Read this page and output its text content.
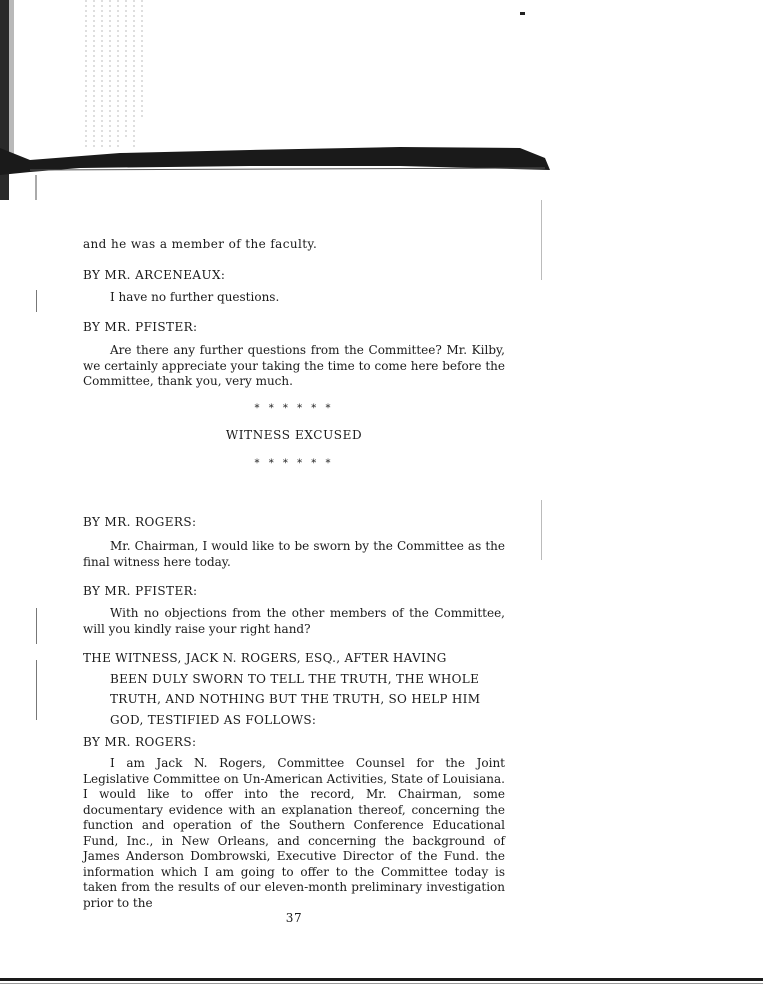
and he was a member of the faculty.

BY MR. ARCENEAUX:

I have no further questions.

BY MR. PFISTER:

Are there any further questions from the Committee? Mr. Kilby, we certainly appreciate your taking the time to come here before the Committee, thank you, very much.

* * * * * *
WITNESS EXCUSED
* * * * * *

BY MR. ROGERS:

Mr. Chairman, I would like to be sworn by the Committee as the final witness here today.

BY MR. PFISTER:

With no objections from the other members of the Committee, will you kindly raise your right hand?

THE WITNESS, JACK N. ROGERS, ESQ., AFTER HAVING
BEEN DULY SWORN TO TELL THE TRUTH, THE WHOLE TRUTH, AND NOTHING BUT THE TRUTH, SO HELP HIM GOD, TESTIFIED AS FOLLOWS:

BY MR. ROGERS:

I am Jack N. Rogers, Committee Counsel for the Joint Legislative Committee on Un-American Activities, State of Louisiana. I would like to offer into the record, Mr. Chairman, some documentary evidence with an explanation thereof, concerning the function and operation of the Southern Conference Educational Fund, Inc., in New Orleans, and concerning the background of James Anderson Dombrowski, Executive Director of the Fund. the information which I am going to offer to the Committee today is taken from the results of our eleven-month preliminary investigation prior to the

37
